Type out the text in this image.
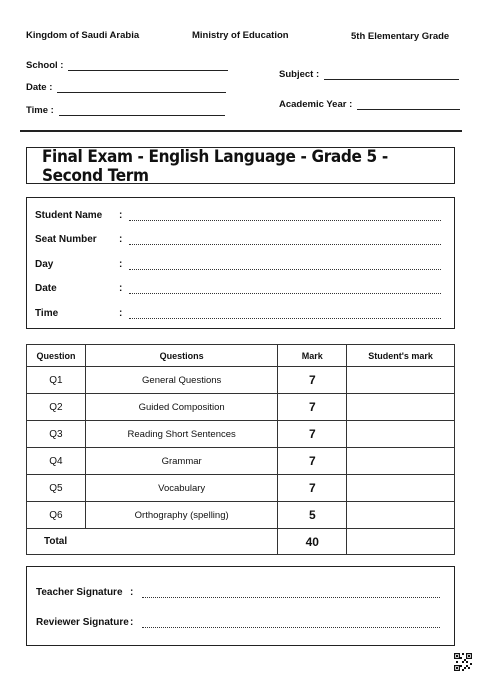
Kingdom of Saudi Arabia	Ministry of Education	5th Elementary Grade
School :
Date :
Time :
Subject :
Academic Year :
Final Exam - English Language - Grade 5 - Second Term
Student Name	:
Seat Number	:
Day	:
Date	:
Time	:
Question	Questions	Mark	Student's mark
Q1	General Questions	7	
Q2	Guided Composition	7	
Q3	Reading Short Sentences	7	
Q4	Grammar	7	
Q5	Vocabulary	7	
Q6	Orthography (spelling)	5	
Total		40	
Teacher Signature :
Reviewer Signature :
